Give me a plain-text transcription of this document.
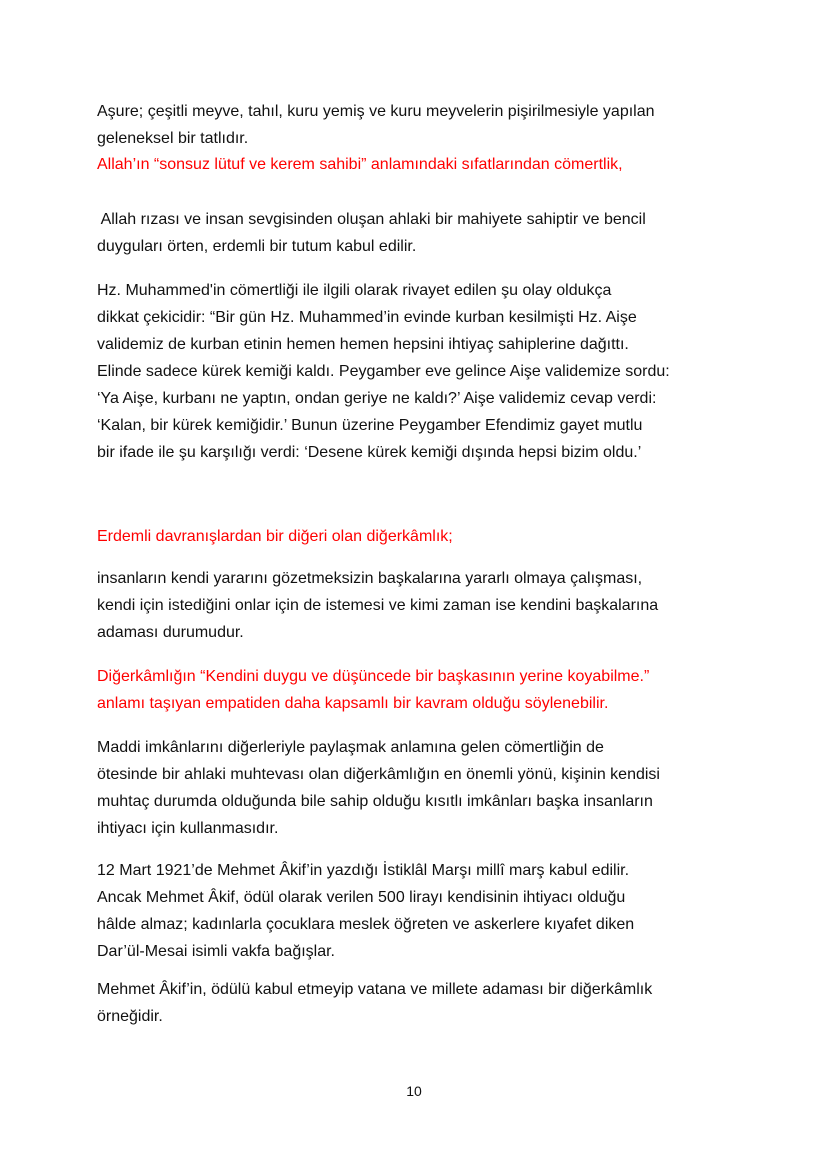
Aşure; çeşitli meyve, tahıl, kuru yemiş ve kuru meyvelerin pişirilmesiyle yapılan
geleneksel bir tatlıdır.
Allah’ın “sonsuz lütuf ve kerem sahibi” anlamındaki sıfatlarından cömertlik,
Allah rızası ve insan sevgisinden oluşan ahlaki bir mahiyete sahiptir ve bencil
duyguları örten, erdemli bir tutum kabul edilir.
Hz. Muhammed'in cömertliği ile ilgili olarak rivayet edilen şu olay oldukça
dikkat çekicidir: “Bir gün Hz. Muhammed’in evinde kurban kesilmişti Hz. Aişe
validemiz de kurban etinin hemen hemen hepsini ihtiyaç sahiplerine dağıttı.
Elinde sadece kürek kemiği kaldı. Peygamber eve gelince Aişe validemize sordu:
‘Ya Aişe, kurbanı ne yaptın, ondan geriye ne kaldı?’ Aişe validemiz cevap verdi:
‘Kalan, bir kürek kemiğidir.’ Bunun üzerine Peygamber Efendimiz gayet mutlu
bir ifade ile şu karşılığı verdi: ‘Desene kürek kemiği dışında hepsi bizim oldu.’
Erdemli davranışlardan bir diğeri olan diğerkâmlık;
insanların kendi yararını gözetmeksizin başkalarına yararlı olmaya çalışması,
kendi için istediğini onlar için de istemesi ve kimi zaman ise kendini başkalarına
adaması durumudur.
Diğerkâmlığın “Kendini duygu ve düşüncede bir başkasının yerine koyabilme.”
anlamı taşıyan empatiden daha kapsamlı bir kavram olduğu söylenebilir.
Maddi imkânlarını diğerleriyle paylaşmak anlamına gelen cömertliğin de
ötesinde bir ahlaki muhtevası olan diğerkâmlığın en önemli yönü, kişinin kendisi
muhtaç durumda olduğunda bile sahip olduğu kısıtlı imkânları başka insanların
ihtiyacı için kullanmasıdır.
12 Mart 1921’de Mehmet Âkif’in yazdığı İstiklâl Marşı millî marş kabul edilir.
Ancak Mehmet Âkif, ödül olarak verilen 500 lirayı kendisinin ihtiyacı olduğu
hâlde almaz; kadınlarla çocuklara meslek öğreten ve askerlere kıyafet diken
Dar’ül-Mesai isimli vakfa bağışlar.
Mehmet Âkif’in, ödülü kabul etmeyip vatana ve millete adaması bir diğerkâmlık
örneğidir.
10
